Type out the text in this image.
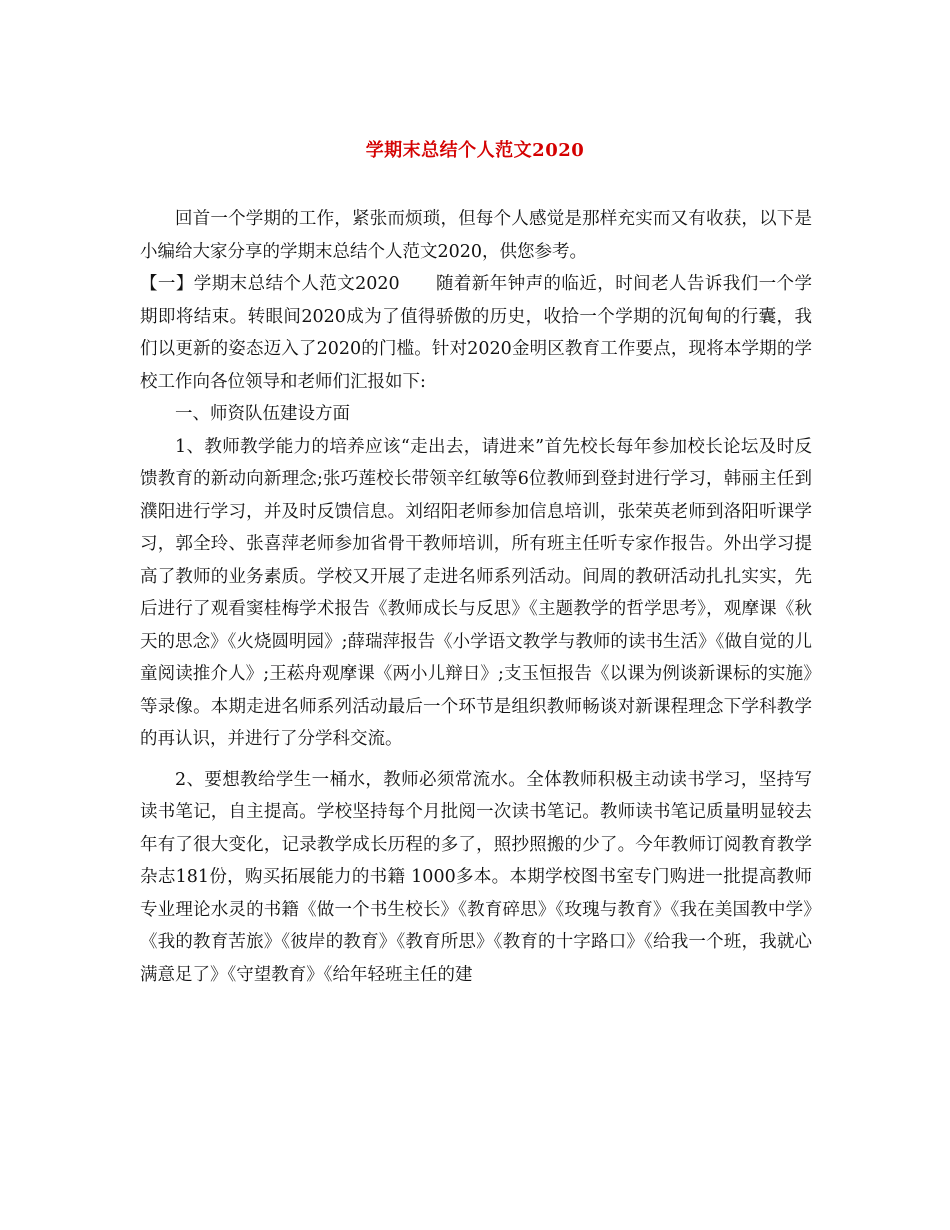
学期末总结个人范文2020

回首一个学期的工作，紧张而烦琐，但每个人感觉是那样充实而又有收获，以下是小编给大家分享的学期末总结个人范文2020，供您参考。

【一】学期末总结个人范文2020　　随着新年钟声的临近，时间老人告诉我们一个学期即将结束。转眼间2020成为了值得骄傲的历史，收拾一个学期的沉甸甸的行囊，我们以更新的姿态迈入了2020的门槛。针对2020金明区教育工作要点，现将本学期的学校工作向各位领导和老师们汇报如下:

一、师资队伍建设方面

1、教师教学能力的培养应该“走出去，请进来”首先校长每年参加校长论坛及时反馈教育的新动向新理念;张巧莲校长带领辛红敏等6位教师到登封进行学习，韩丽主任到濮阳进行学习，并及时反馈信息。刘绍阳老师参加信息培训，张荣英老师到洛阳听课学习，郭全玲、张喜萍老师参加省骨干教师培训，所有班主任听专家作报告。外出学习提高了教师的业务素质。学校又开展了走进名师系列活动。间周的教研活动扎扎实实，先后进行了观看窦桂梅学术报告《教师成长与反思》《主题教学的哲学思考》，观摩课《秋天的思念》《火烧圆明园》;薛瑞萍报告《小学语文教学与教师的读书生活》《做自觉的儿童阅读推介人》;王菘舟观摩课《两小儿辩日》;支玉恒报告《以课为例谈新课标的实施》等录像。本期走进名师系列活动最后一个环节是组织教师畅谈对新课程理念下学科教学的再认识，并进行了分学科交流。

2、要想教给学生一桶水，教师必须常流水。全体教师积极主动读书学习，坚持写读书笔记，自主提高。学校坚持每个月批阅一次读书笔记。教师读书笔记质量明显较去年有了很大变化，记录教学成长历程的多了，照抄照搬的少了。今年教师订阅教育教学杂志181份，购买拓展能力的书籍 1000多本。本期学校图书室专门购进一批提高教师专业理论水灵的书籍《做一个书生校长》《教育碎思》《玫瑰与教育》《我在美国教中学》《我的教育苦旅》《彼岸的教育》《教育所思》《教育的十字路口》《给我一个班，我就心满意足了》《守望教育》《给年轻班主任的建
